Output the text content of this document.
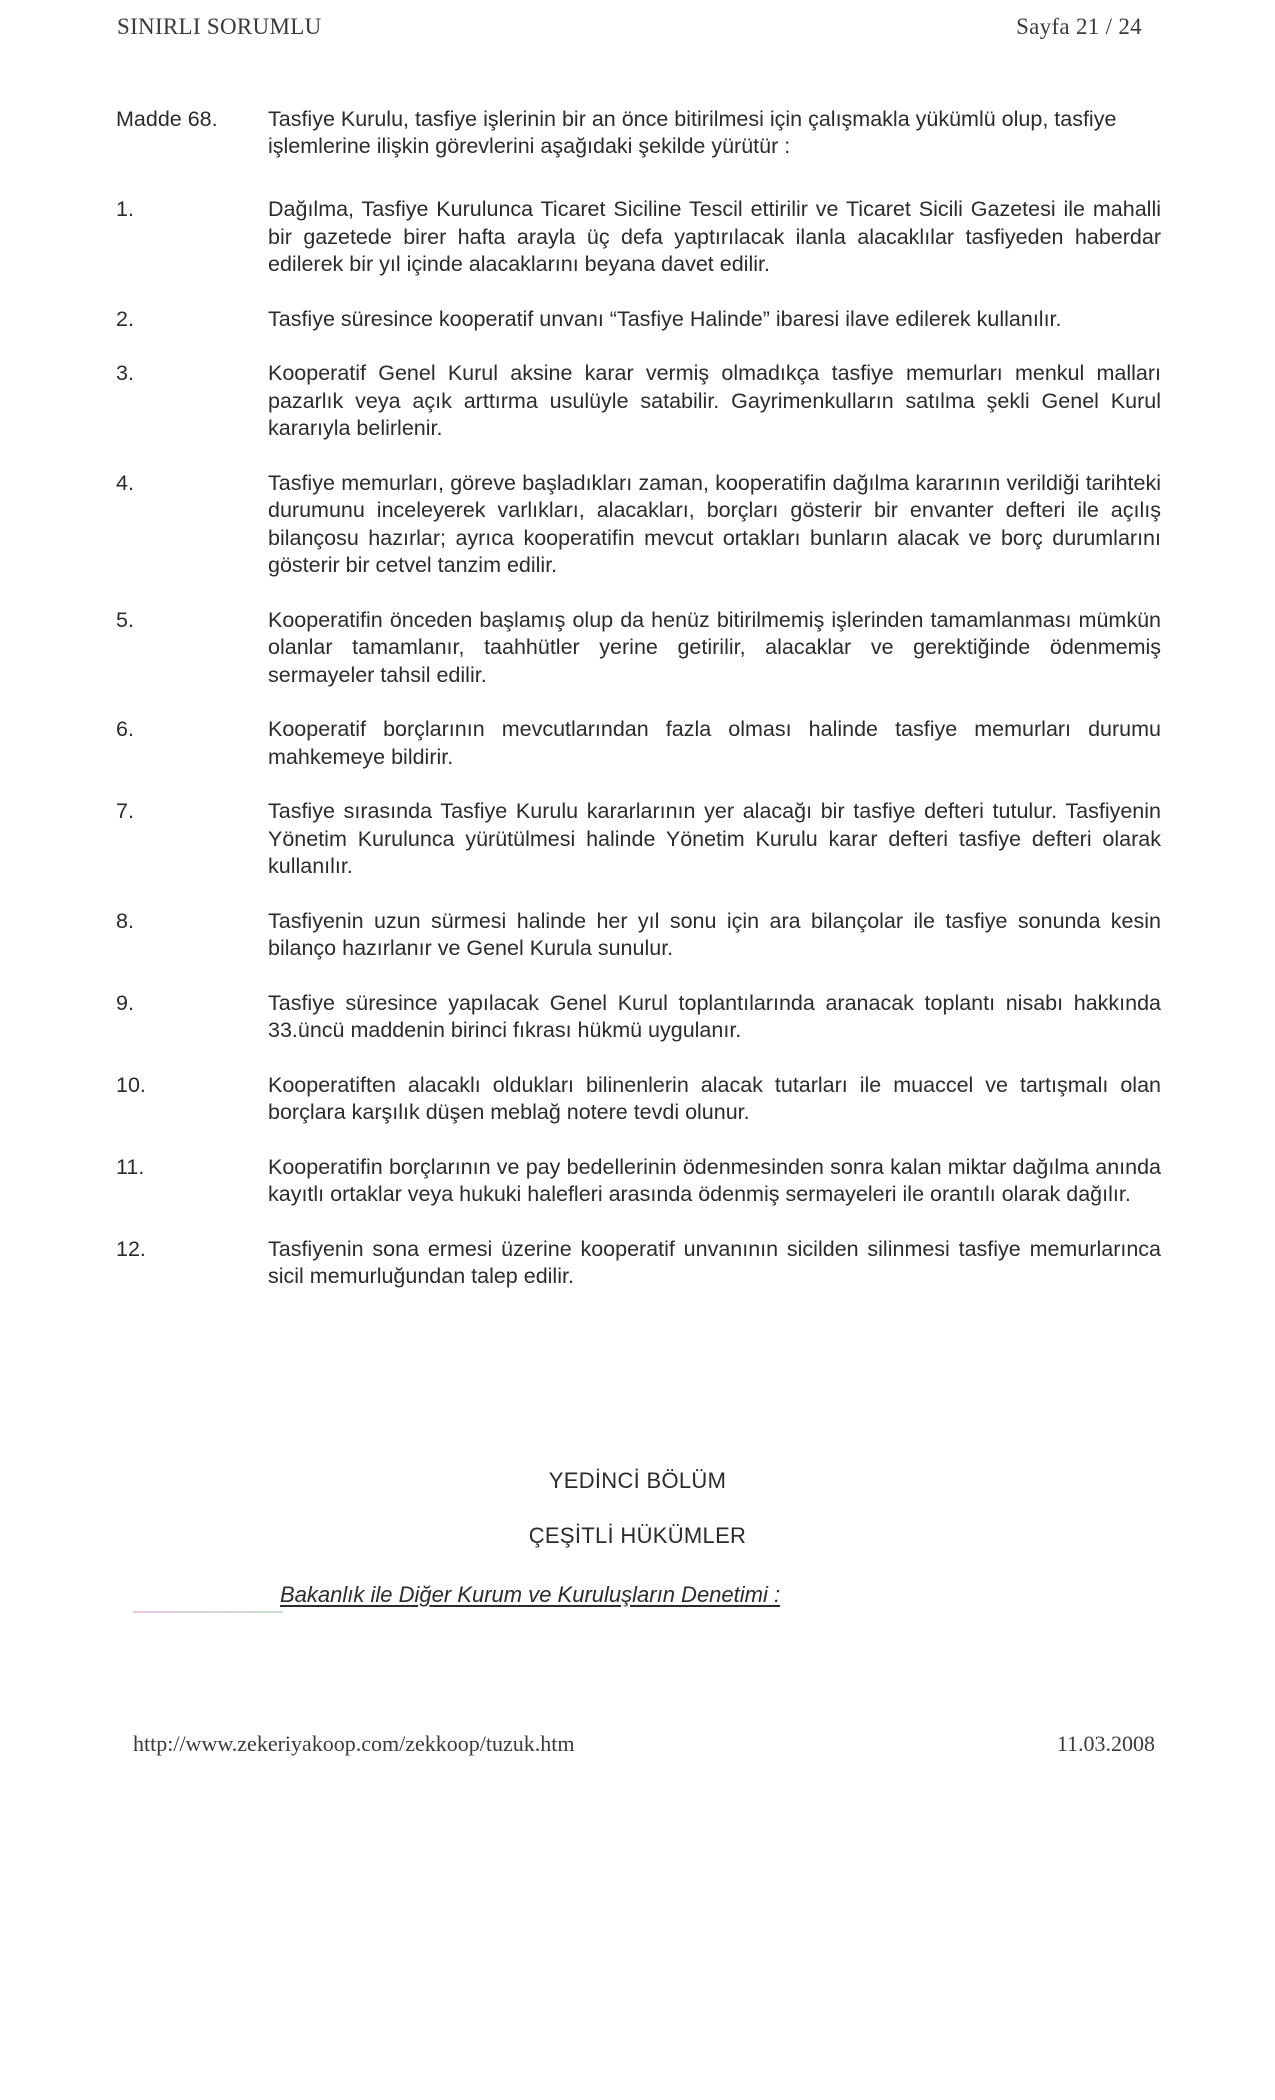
SINIRLI SORUMLU	Sayfa 21 / 24
Madde 68. Tasfiye Kurulu, tasfiye işlerinin bir an önce bitirilmesi için çalışmakla yükümlü olup, tasfiye işlemlerine ilişkin görevlerini aşağıdaki şekilde yürütür :
1.	Dağılma, Tasfiye Kurulunca Ticaret Siciline Tescil ettirilir ve Ticaret Sicili Gazetesi ile mahalli bir gazetede birer hafta arayla üç defa yaptırılacak ilanla alacaklılar tasfiyeden haberdar edilerek bir yıl içinde alacaklarını beyana davet edilir.
2.	Tasfiye süresince kooperatif unvanı “Tasfiye Halinde” ibaresi ilave edilerek kullanılır.
3.	Kooperatif Genel Kurul aksine karar vermiş olmadıkça tasfiye memurları menkul malları pazarlık veya açık arttırma usulüyle satabilir. Gayrimenkulların satılma şekli Genel Kurul kararıyla belirlenir.
4.	Tasfiye memurları, göreve başladıkları zaman, kooperatifin dağılma kararının verildiği tarihteki durumunu inceleyerek varlıkları, alacakları, borçları gösterir bir envanter defteri ile açılış bilançosu hazırlar; ayrıca kooperatifin mevcut ortakları bunların alacak ve borç durumlarını gösterir bir cetvel tanzim edilir.
5.	Kooperatifin önceden başlamış olup da henüz bitirilmemiş işlerinden tamamlanması mümkün olanlar tamamlanır, taahhütler yerine getirilir, alacaklar ve gerektiğinde ödenmemiş sermayeler tahsil edilir.
6.	Kooperatif borçlarının mevcutlarından fazla olması halinde tasfiye memurları durumu mahkemeye bildirir.
7.	Tasfiye sırasında Tasfiye Kurulu kararlarının yer alacağı bir tasfiye defteri tutulur. Tasfiyenin Yönetim Kurulunca yürütülmesi halinde Yönetim Kurulu karar defteri tasfiye defteri olarak kullanılır.
8.	Tasfiyenin uzun sürmesi halinde her yıl sonu için ara bilançolar ile tasfiye sonunda kesin bilanço hazırlanır ve Genel Kurula sunulur.
9.	Tasfiye süresince yapılacak Genel Kurul toplantılarında aranacak toplantı nisabı hakkında 33.üncü maddenin birinci fıkrası hükmü uygulanır.
10.	Kooperatiften alacaklı oldukları bilinenlerin alacak tutarları ile muaccel ve tartışmalı olan borçlara karşılık düşen meblağ notere tevdi olunur.
11.	Kooperatifin borçlarının ve pay bedellerinin ödenmesinden sonra kalan miktar dağılma anında kayıtlı ortaklar veya hukuki halefleri arasında ödenmiş sermayeleri ile orantılı olarak dağılır.
12.	Tasfiyenin sona ermesi üzerine kooperatif unvanının sicilden silinmesi tasfiye memurlarınca sicil memurluğundan talep edilir.
YEDİNCİ BÖLÜM
ÇEŞİTLİ HÜKÜMLER
Bakanlık ile Diğer Kurum ve Kuruluşların Denetimi :
http://www.zekeriyakoop.com/zekkoop/tuzuk.htm	11.03.2008
